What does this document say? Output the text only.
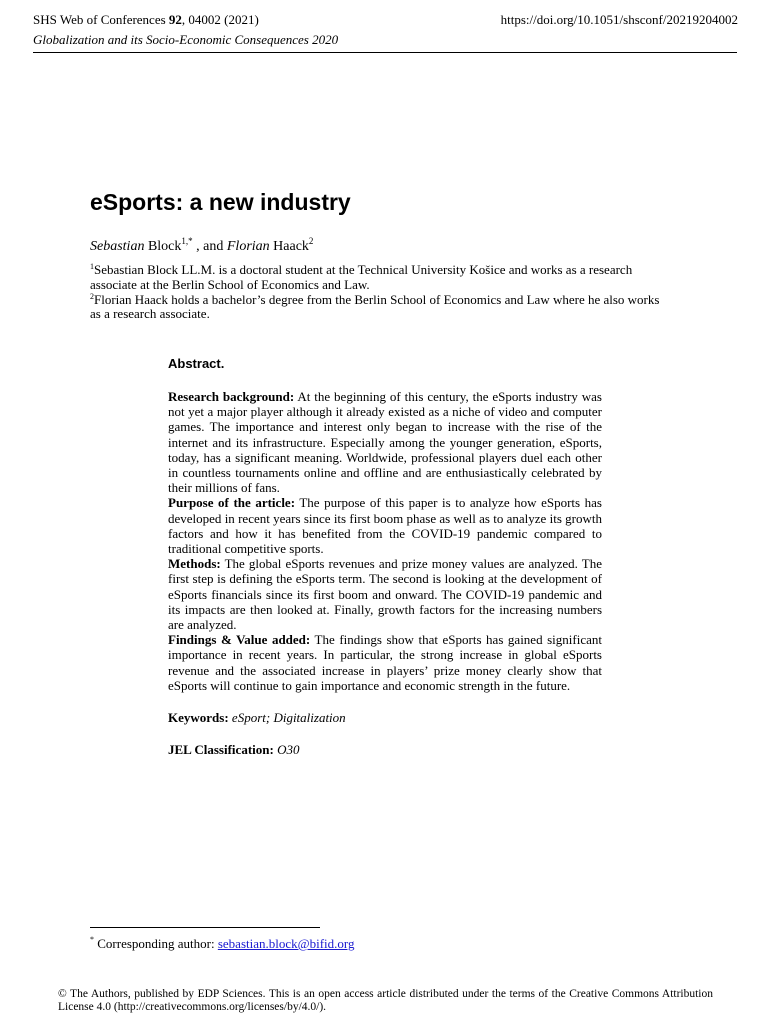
SHS Web of Conferences 92, 04002 (2021)
Globalization and its Socio-Economic Consequences 2020
https://doi.org/10.1051/shsconf/20219204002
eSports: a new industry
Sebastian Block$^{1,*}$ , and Florian Haack$^2$

$^1$Sebastian Block LL.M. is a doctoral student at the Technical University Košice and works as a research associate at the Berlin School of Economics and Law.

$^2$Florian Haack holds a bachelor’s degree from the Berlin School of Economics and Law where he also works as a research associate.

Abstract.

Research background: At the beginning of this century, the eSports industry was not yet a major player although it already existed as a niche of video and computer games. The importance and interest only began to increase with the rise of the internet and its infrastructure. Especially among the younger generation, eSports, today, has a significant meaning. Worldwide, professional players duel each other in countless tournaments online and offline and are enthusiastically celebrated by their millions of fans.

Purpose of the article: The purpose of this paper is to analyze how eSports has developed in recent years since its first boom phase as well as to analyze its growth factors and how it has benefited from the COVID-19 pandemic compared to traditional competitive sports.

Methods: The global eSports revenues and prize money values are analyzed. The first step is defining the eSports term. The second is looking at the development of eSports financials since its first boom and onward. The COVID-19 pandemic and its impacts are then looked at. Finally, growth factors for the increasing numbers are analyzed.

Findings & Value added: The findings show that eSports has gained significant importance in recent years. In particular, the strong increase in global eSports revenue and the associated increase in players’ prize money clearly show that eSports will continue to gain importance and economic strength in the future.

Keywords: eSport; Digitalization

JEL Classification: O30

* Corresponding author: sebastian.block@bifid.org
© The Authors, published by EDP Sciences. This is an open access article distributed under the terms of the Creative Commons Attribution License 4.0 (http://creativecommons.org/licenses/by/4.0/).
